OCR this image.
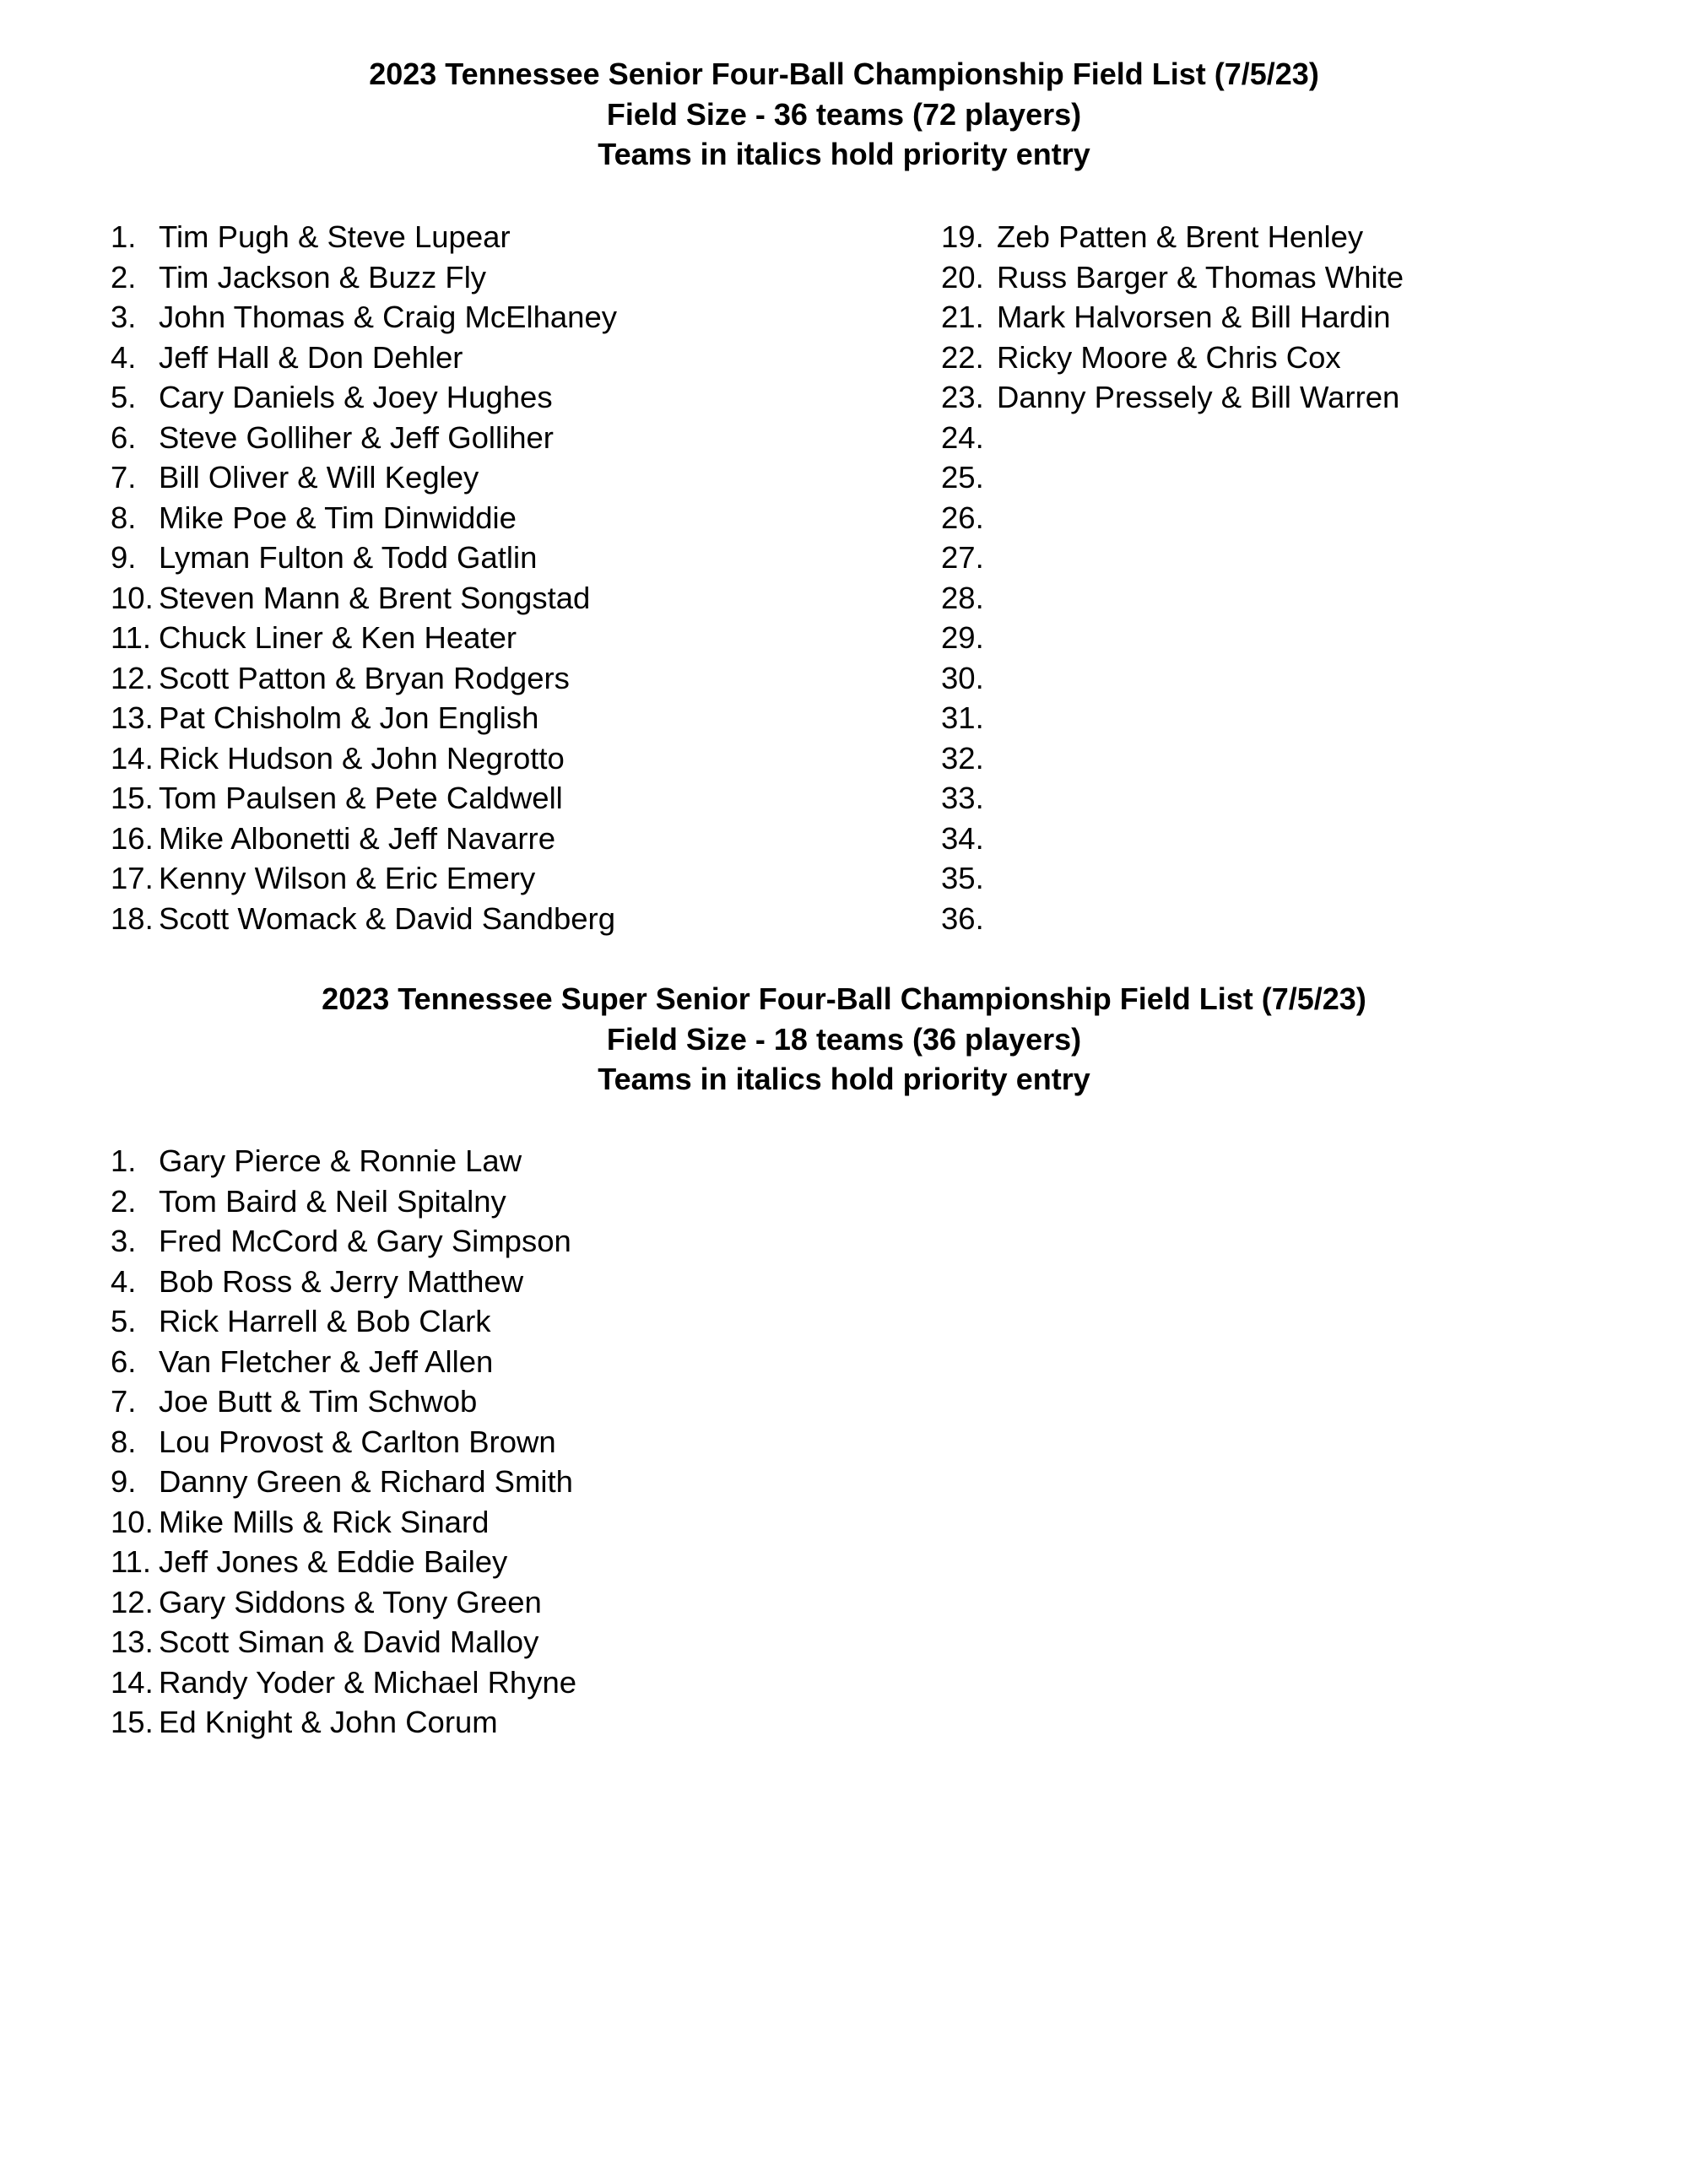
2023 Tennessee Senior Four-Ball Championship Field List (7/5/23)
Field Size - 36 teams (72 players)
Teams in italics hold priority entry
1. Tim Pugh & Steve Lupear
2. Tim Jackson & Buzz Fly
3. John Thomas & Craig McElhaney
4. Jeff Hall & Don Dehler
5. Cary Daniels & Joey Hughes
6. Steve Golliher & Jeff Golliher
7. Bill Oliver & Will Kegley
8. Mike Poe & Tim Dinwiddie
9. Lyman Fulton & Todd Gatlin
10. Steven Mann & Brent Songstad
11. Chuck Liner & Ken Heater
12. Scott Patton & Bryan Rodgers
13. Pat Chisholm & Jon English
14. Rick Hudson & John Negrotto
15. Tom Paulsen & Pete Caldwell
16. Mike Albonetti & Jeff Navarre
17. Kenny Wilson & Eric Emery
18. Scott Womack & David Sandberg
19. Zeb Patten & Brent Henley
20. Russ Barger & Thomas White
21. Mark Halvorsen & Bill Hardin
22. Ricky Moore & Chris Cox
23. Danny Pressely & Bill Warren
24.
25.
26.
27.
28.
29.
30.
31.
32.
33.
34.
35.
36.
2023 Tennessee Super Senior Four-Ball Championship Field List (7/5/23)
Field Size - 18 teams (36 players)
Teams in italics hold priority entry
1. Gary Pierce & Ronnie Law
2. Tom Baird & Neil Spitalny
3. Fred McCord & Gary Simpson
4. Bob Ross & Jerry Matthew
5. Rick Harrell & Bob Clark
6. Van Fletcher & Jeff Allen
7. Joe Butt & Tim Schwob
8. Lou Provost & Carlton Brown
9. Danny Green & Richard Smith
10. Mike Mills & Rick Sinard
11. Jeff Jones & Eddie Bailey
12. Gary Siddons & Tony Green
13. Scott Siman & David Malloy
14. Randy Yoder & Michael Rhyne
15. Ed Knight & John Corum
